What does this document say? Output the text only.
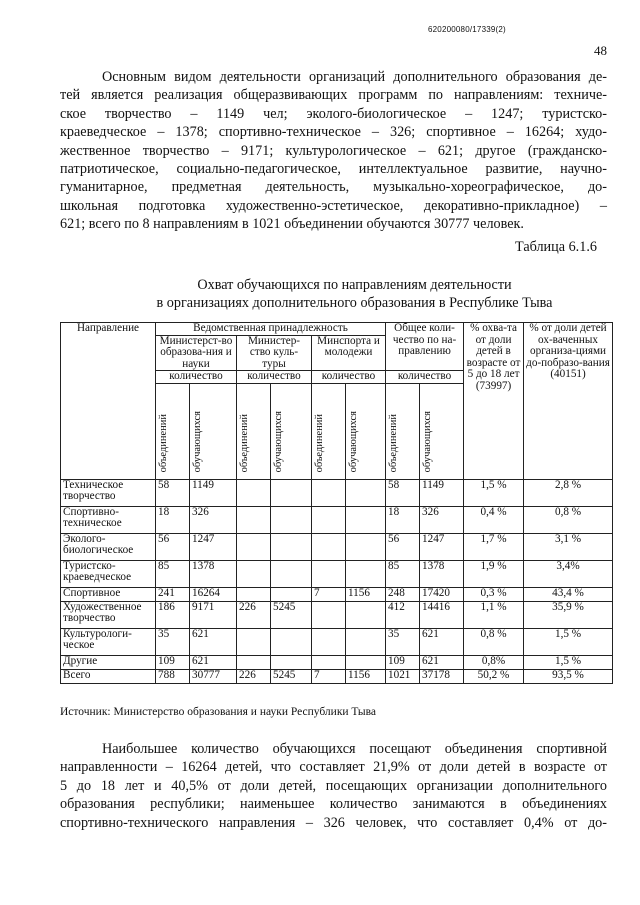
620200080/17339(2)
48

Основным видом деятельности организаций дополнительного образования де-
тей является реализация общеразвивающих программ по направлениям: техниче-
ское творчество – 1149 чел; эколого-биологическое – 1247; туристско-
краеведческое – 1378; спортивно-техническое – 326; спортивное – 16264; худо-
жественное творчество – 9171; культурологическое – 621; другое (гражданско-
патриотическое, социально-педагогическое, интеллектуальное развитие, научно-
гуманитарное, предметная деятельность, музыкально-хореографическое, до-
школьная подготовка художественно-эстетическое, декоративно-прикладное) –
621; всего по 8 направлениям в 1021 объединении обучаются 30777 человек.

Таблица 6.1.6
Охват обучающихся по направлениям деятельности
в организациях дополнительного образования в Республике Тыва
Направление	Ведомственная принадлежность						Общее коли-чество по на-правлению		% охва-та от доли детей в возрасте от 5 до 18 лет (73997)	% от доли детей ох-ваченных организа-циями до-побразо-вания (40151)
	Министерст-во образова-ния и науки		Министер-ство куль-туры		Минспорта и молодежи					
	количество		количество		количество		количество			
	объединений	обучающихся	объединений	обучающихся	объединений	обучающихся	объединений	обучающихся		
Техническое творчество	58	1149					58	1149	1,5 %	2,8 %
Спортивно-техническое	18	326					18	326	0,4 %	0,8 %
Эколого-биологическое	56	1247					56	1247	1,7 %	3,1 %
Туристско-краеведческое	85	1378					85	1378	1,9 %	3,4%
Спортивное	241	16264			7	1156	248	17420	0,3 %	43,4 %
Художественное творчество	186	9171	226	5245			412	14416	1,1 %	35,9 %
Культурологи-ческое	35	621					35	621	0,8 %	1,5 %
Другие	109	621					109	621	0,8%	1,5 %
Всего	788	30777	226	5245	7	1156	1021	37178	50,2 %	93,5 %
Источник: Министерство образования и науки Республики Тыва

Наибольшее количество обучающихся посещают объединения спортивной
направленности – 16264 детей, что составляет 21,9% от доли детей в возрасте от
5 до 18 лет и 40,5% от доли детей, посещающих организации дополнительного
образования республики; наименьшее количество занимаются в объединениях
спортивно-технического направления – 326 человек, что составляет 0,4% от до-
